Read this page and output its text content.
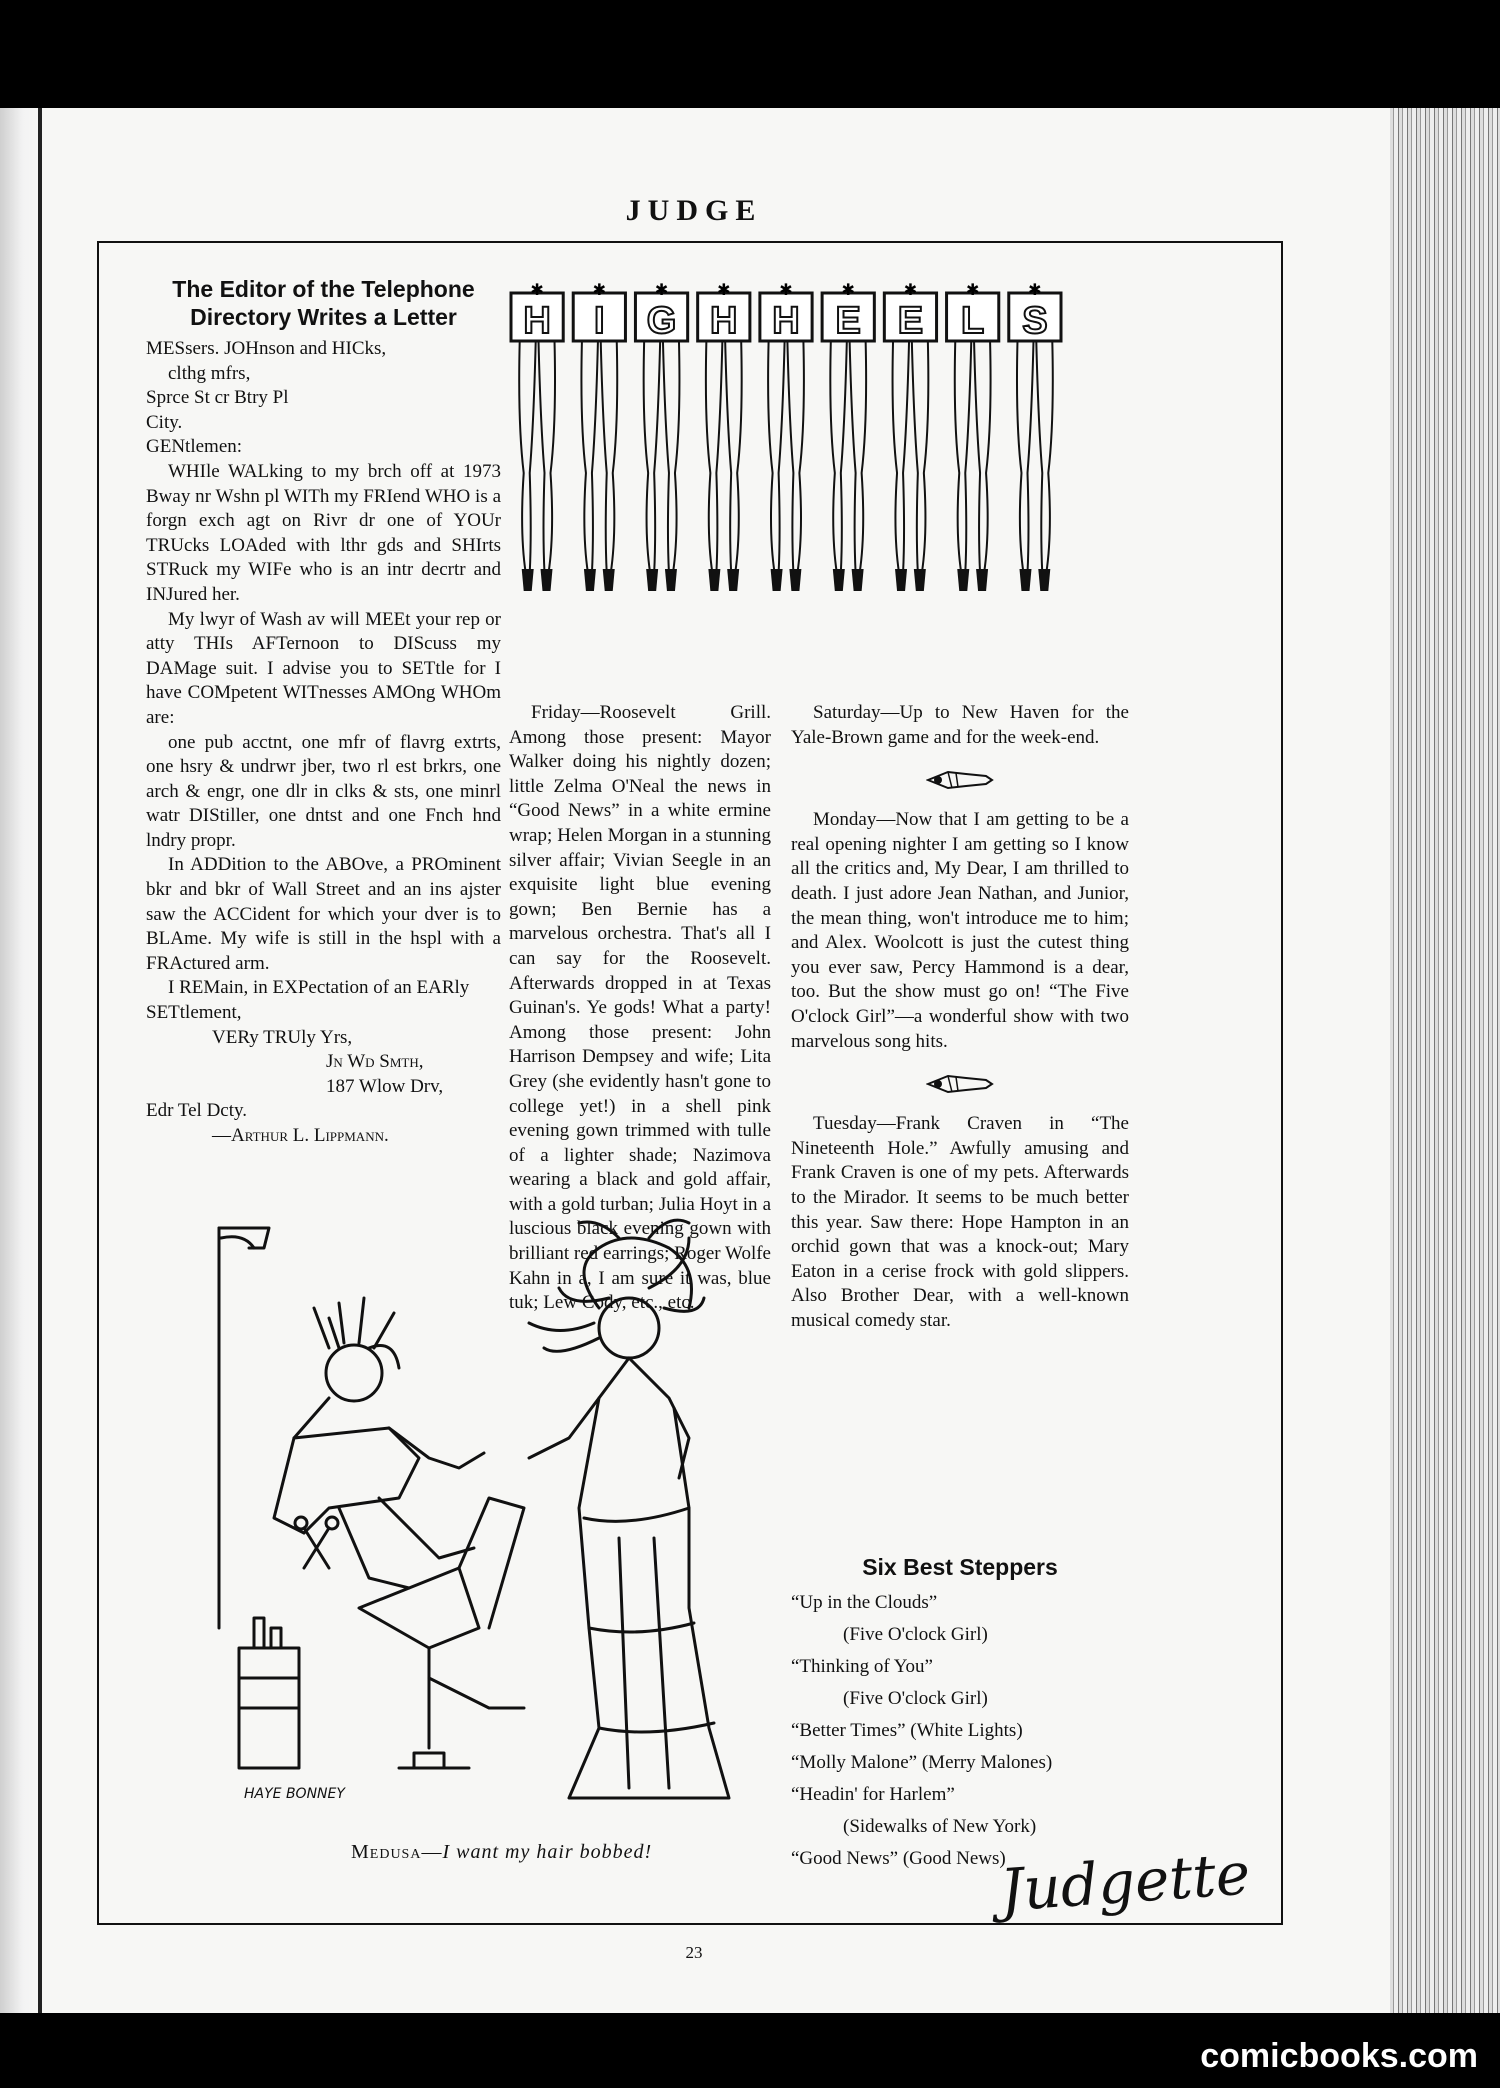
JUDGE
The Editor of the Telephone Directory Writes a Letter

MESsers. JOHnson and HICks,

clthg mfrs,

Sprce St cr Btry Pl

City.

GENtlemen:

WHIle WALking to my brch off at 1973 Bway nr Wshn pl WITh my FRIend WHO is a forgn exch agt on Rivr dr one of YOUr TRUcks LOAded with lthr gds and SHIrts STRuck my WIFe who is an intr decrtr and INJured her.

My lwyr of Wash av will MEEt your rep or atty THIs AFTernoon to DIScuss my DAMage suit. I advise you to SETtle for I have COMpetent WITnesses AMOng WHOm are:

one pub acctnt, one mfr of flavrg extrts, one hsry & undrwr jber, two rl est brkrs, one arch & engr, one dlr in clks & sts, one minrl watr DIStiller, one dntst and one Fnch hnd lndry propr.

In ADDition to the ABOve, a PROminent bkr and bkr of Wall Street and an ins ajster saw the ACCident for which your dver is to BLAme. My wife is still in the hspl with a FRActured arm.

I REMain, in EXPectation of an EARly SETtlement,

VERy TRUly Yrs,

Jn Wd Smth,

187 Wlow Drv,

Edr Tel Dcty.

—Arthur L. Lippmann.

✱
H
✱
I
✱
G
✱
H
✱
H
✱
E
✱
E
✱
L
✱
S

Friday—Roosevelt Grill. Among those present: Mayor Walker doing his nightly dozen; little Zelma O'Neal the news in “Good News” in a white ermine wrap; Helen Morgan in a stunning silver affair; Vivian Seegle in an exquisite light blue evening gown; Ben Bernie has a marvelous orchestra. That's all I can say for the Roosevelt. Afterwards dropped in at Texas Guinan's. Ye gods! What a party! Among those present: John Harrison Dempsey and wife; Lita Grey (she evidently hasn't gone to college yet!) in a shell pink evening gown trimmed with tulle of a lighter shade; Nazimova wearing a black and gold affair, with a gold turban; Julia Hoyt in a luscious black evening gown with brilliant red earrings; Roger Wolfe Kahn in a, I am sure it was, blue tuk; Lew Cody, etc., etc.

Saturday—Up to New Haven for the Yale-Brown game and for the week-end.

Monday—Now that I am getting to be a real opening nighter I am getting so I know all the critics and, My Dear, I am thrilled to death. I just adore Jean Nathan, and Junior, the mean thing, won't introduce me to him; and Alex. Woolcott is just the cutest thing you ever saw, Percy Hammond is a dear, too. But the show must go on! “The Five O'clock Girl”—a wonderful show with two marvelous song hits.

Tuesday—Frank Craven in “The Nineteenth Hole.” Awfully amusing and Frank Craven is one of my pets. Afterwards to the Mirador. It seems to be much better this year. Saw there: Hope Hampton in an orchid gown that was a knock-out; Mary Eaton in a cerise frock with gold slippers. Also Brother Dear, with a well-known musical comedy star.

Six Best Steppers

“Up in the Clouds”

(Five O'clock Girl)

“Thinking of You”

(Five O'clock Girl)

“Better Times” (White Lights)

“Molly Malone” (Merry Malones)

“Headin' for Harlem”

(Sidewalks of New York)

“Good News” (Good News)

HAYE BONNEY
Medusa—I want my hair bobbed!	Judgette
23
comicbooks.com
